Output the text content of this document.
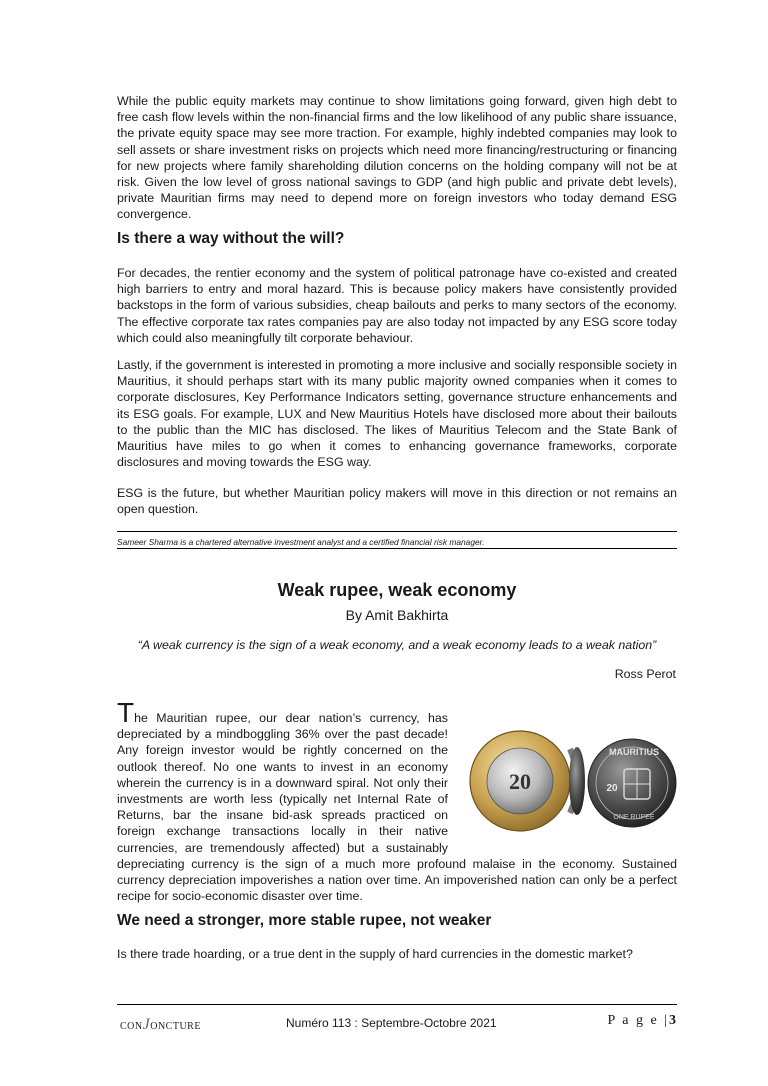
While the public equity markets may continue to show limitations going forward, given high debt to free cash flow levels within the non-financial firms and the low likelihood of any public share issuance, the private equity space may see more traction. For example, highly indebted companies may look to sell assets or share investment risks on projects which need more financing/restructuring or financing for new projects where family shareholding dilution concerns on the holding company will not be at risk. Given the low level of gross national savings to GDP (and high public and private debt levels), private Mauritian firms may need to depend more on foreign investors who today demand ESG convergence.

Is there a way without the will?

For decades, the rentier economy and the system of political patronage have co-existed and created high barriers to entry and moral hazard. This is because policy makers have consistently provided backstops in the form of various subsidies, cheap bailouts and perks to many sectors of the economy. The effective corporate tax rates companies pay are also today not impacted by any ESG score today which could also meaningfully tilt corporate behaviour.

Lastly, if the government is interested in promoting a more inclusive and socially responsible society in Mauritius, it should perhaps start with its many public majority owned companies when it comes to corporate disclosures, Key Performance Indicators setting, governance structure enhancements and its ESG goals. For example, LUX and New Mauritius Hotels have disclosed more about their bailouts to the public than the MIC has disclosed. The likes of Mauritius Telecom and the State Bank of Mauritius have miles to go when it comes to enhancing governance frameworks, corporate disclosures and moving towards the ESG way.

ESG is the future, but whether Mauritian policy makers will move in this direction or not remains an open question.

Sameer Sharma is a chartered alternative investment analyst and a certified financial risk manager.
Weak rupee, weak economy
By Amit Bakhirta
“A weak currency is the sign of a weak economy, and a weak economy leads to a weak nation”
Ross Perot
20
MAURITIUS
20
ONE RUPEE
The Mauritian rupee, our dear nation’s currency, has depreciated by a mindboggling 36% over the past decade! Any foreign investor would be rightly concerned on the outlook thereof. No one wants to invest in an economy wherein the currency is in a downward spiral. Not only their investments are worth less (typically net Internal Rate of Returns, bar the insane bid-ask spreads practiced on foreign exchange transactions locally in their native currencies, are tremendously affected) but a sustainably depreciating currency is the sign of a much more profound malaise in the economy. Sustained currency depreciation impoverishes a nation over time. An impoverished nation can only be a perfect recipe for socio-economic disaster over time.
We need a stronger, more stable rupee, not weaker

Is there trade hoarding, or a true dent in the supply of hard currencies in the domestic market?

CONJONCTURE	Numéro 113 : Septembre-Octobre 2021	P a g e |3
